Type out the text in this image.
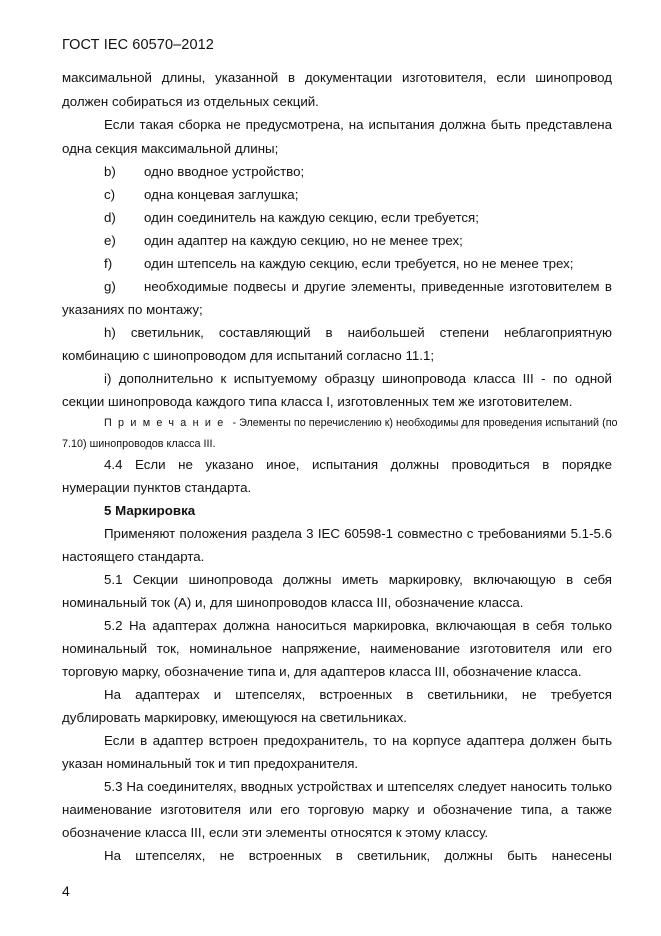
ГОСТ IEC 60570–2012
максимальной длины, указанной в документации изготовителя, если шинопровод
должен собираться из отдельных секций.
Если такая сборка не предусмотрена, на испытания должна быть представлена
одна секция максимальной длины;
b) одно вводное устройство;
c) одна концевая заглушка;
d) один соединитель на каждую секцию, если требуется;
e) один адаптер на каждую секцию, но не менее трех;
f) один штепсель на каждую секцию, если требуется, но не менее трех;
g) необходимые подвесы и другие элементы, приведенные изготовителем в
указаниях по монтажу;
h) светильник, составляющий в наибольшей степени неблагоприятную
комбинацию с шинопроводом для испытаний согласно 11.1;
i) дополнительно к испытуемому образцу шинопровода класса III - по одной
секции шинопровода каждого типа класса I, изготовленных тем же изготовителем.
Примечание - Элементы по перечислению к) необходимы для проведения испытаний (по
7.10) шинопроводов класса III.
4.4 Если не указано иное, испытания должны проводиться в порядке
нумерации пунктов стандарта.
5 Маркировка
Применяют положения раздела 3 IEC 60598-1 совместно с требованиями 5.1-5.6
настоящего стандарта.
5.1 Секции шинопровода должны иметь маркировку, включающую в себя
номинальный ток (А) и, для шинопроводов класса III, обозначение класса.
5.2 На адаптерах должна наноситься маркировка, включающая в себя только
номинальный ток, номинальное напряжение, наименование изготовителя или его
торговую марку, обозначение типа и, для адаптеров класса III, обозначение класса.
На адаптерах и штепселях, встроенных в светильники, не требуется
дублировать маркировку, имеющуюся на светильниках.
Если в адаптер встроен предохранитель, то на корпусе адаптера должен быть
указан номинальный ток и тип предохранителя.
5.3 На соединителях, вводных устройствах и штепселях следует наносить только
наименование изготовителя или его торговую марку и обозначение типа, а также
обозначение класса III, если эти элементы относятся к этому классу.
На штепселях, не встроенных в светильник, должны быть нанесены
4
